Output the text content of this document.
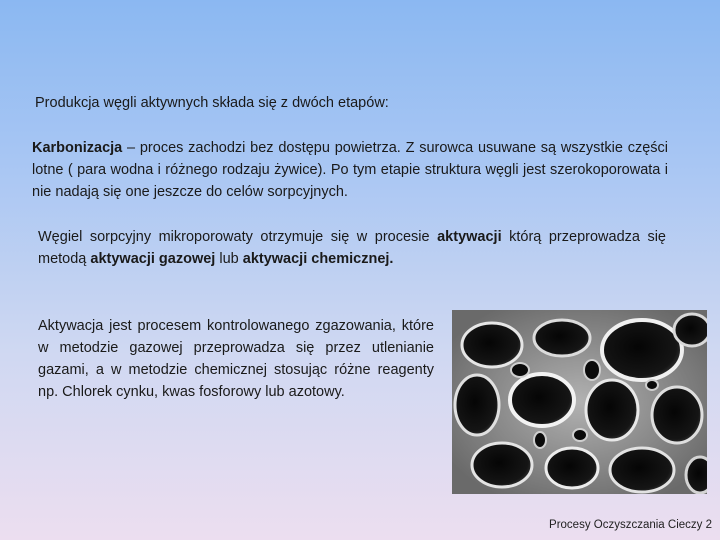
Produkcja węgli aktywnych składa się z dwóch etapów:
Karbonizacja – proces zachodzi bez dostępu powietrza. Z surowca usuwane są wszystkie części lotne ( para wodna i różnego rodzaju żywice). Po tym etapie struktura węgli jest szerokoporowata i nie nadają się one jeszcze do celów sorpcyjnych.
Węgiel sorpcyjny mikroporowaty otrzymuje się w procesie aktywacji którą przeprowadza się metodą aktywacji gazowej lub aktywacji chemicznej.
Aktywacja jest procesem kontrolowanego zgazowania, które w metodzie gazowej przeprowadza się przez utlenianie gazami, a w metodzie chemicznej stosując różne reagenty np. Chlorek cynku, kwas fosforowy lub azotowy.
Procesy Oczyszczania Cieczy 2
